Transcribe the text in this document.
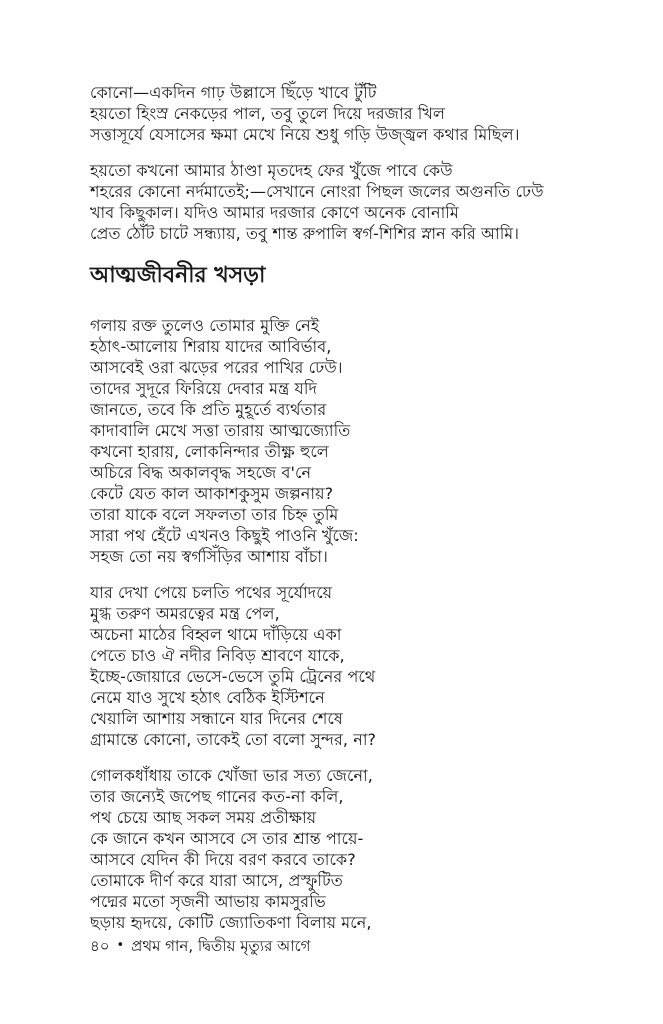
কোনো—একদিন গাঢ় উল্লাসে ছিঁড়ে খাবে টুঁটি
হয়তো হিংস্র নেকড়ের পাল, তবু তুলে দিয়ে দরজার খিল
সত্তাসূর্যে যেসাসের ক্ষমা মেখে নিয়ে শুধু গড়ি উজ্জ্বল কথার মিছিল।
হয়তো কখনো আমার ঠাণ্ডা মৃতদেহ ফের খুঁজে পাবে কেউ
শহরের কোনো নর্দমাতেই;—সেখানে নোংরা পিছল জলের অগুনতি ঢেউ
খাব কিছুকাল। যদিও আমার দরজার কোণে অনেক বোনামি
প্রেত ঠোঁট চাটে সন্ধ্যায়, তবু শান্ত রুপালি স্বর্গ-শিশির স্নান করি আমি।
আত্মজীবনীর খসড়া
গলায় রক্ত তুলেও তোমার মুক্তি নেই
হঠাৎ-আলোয় শিরায় যাদের আবির্ভাব,
আসবেই ওরা ঝড়ের পরের পাখির ঢেউ।
তাদের সুদূরে ফিরিয়ে দেবার মন্ত্র যদি
জানতে, তবে কি প্রতি মুহূর্তে ব্যর্থতার
কাদাবালি মেখে সত্তা তারায় আত্মজ্যোতি
কখনো হারায়, লোকনিন্দার তীক্ষ্ণ হুলে
অচিরে বিদ্ধ অকালবৃদ্ধ সহজে ব'নে
কেটে যেত কাল আকাশকুসুম জল্পনায়?
তারা যাকে বলে সফলতা তার চিহ্ন তুমি
সারা পথ হেঁটে এখনও কিছুই পাওনি খুঁজে:
সহজ তো নয় স্বর্গসিঁড়ির আশায় বাঁচা।
যার দেখা পেয়ে চলতি পথের সূর্যোদয়ে
মুগ্ধ তরুণ অমরত্বের মন্ত্র পেল,
অচেনা মাঠের বিহ্বল থামে দাঁড়িয়ে একা
পেতে চাও ঐ নদীর নিবিড় শ্রাবণে যাকে,
ইচ্ছে-জোয়ারে ভেসে-ভেসে তুমি ট্রেনের পথে
নেমে যাও সুখে হঠাৎ বেঠিক ইস্টিশনে
খেয়ালি আশায় সন্ধানে যার দিনের শেষে
গ্রামান্তে কোনো, তাকেই তো বলো সুন্দর, না?
গোলকধাঁধায় তাকে খোঁজা ভার সত্য জেনো,
তার জন্যেই জপেছ গানের কত-না কলি,
পথ চেয়ে আছ সকল সময় প্রতীক্ষায়
কে জানে কখন আসবে সে তার শ্রান্ত পায়ে-
আসবে যেদিন কী দিয়ে বরণ করবে তাকে?
তোমাকে দীর্ণ করে যারা আসে, প্রস্ফুটিত
পদ্মের মতো সৃজনী আভায় কামসুরভি
ছড়ায় হৃদয়ে, কোটি জ্যোতিকণা বিলায় মনে,
৪০ • প্রথম গান, দ্বিতীয় মৃত্যুর আগে
